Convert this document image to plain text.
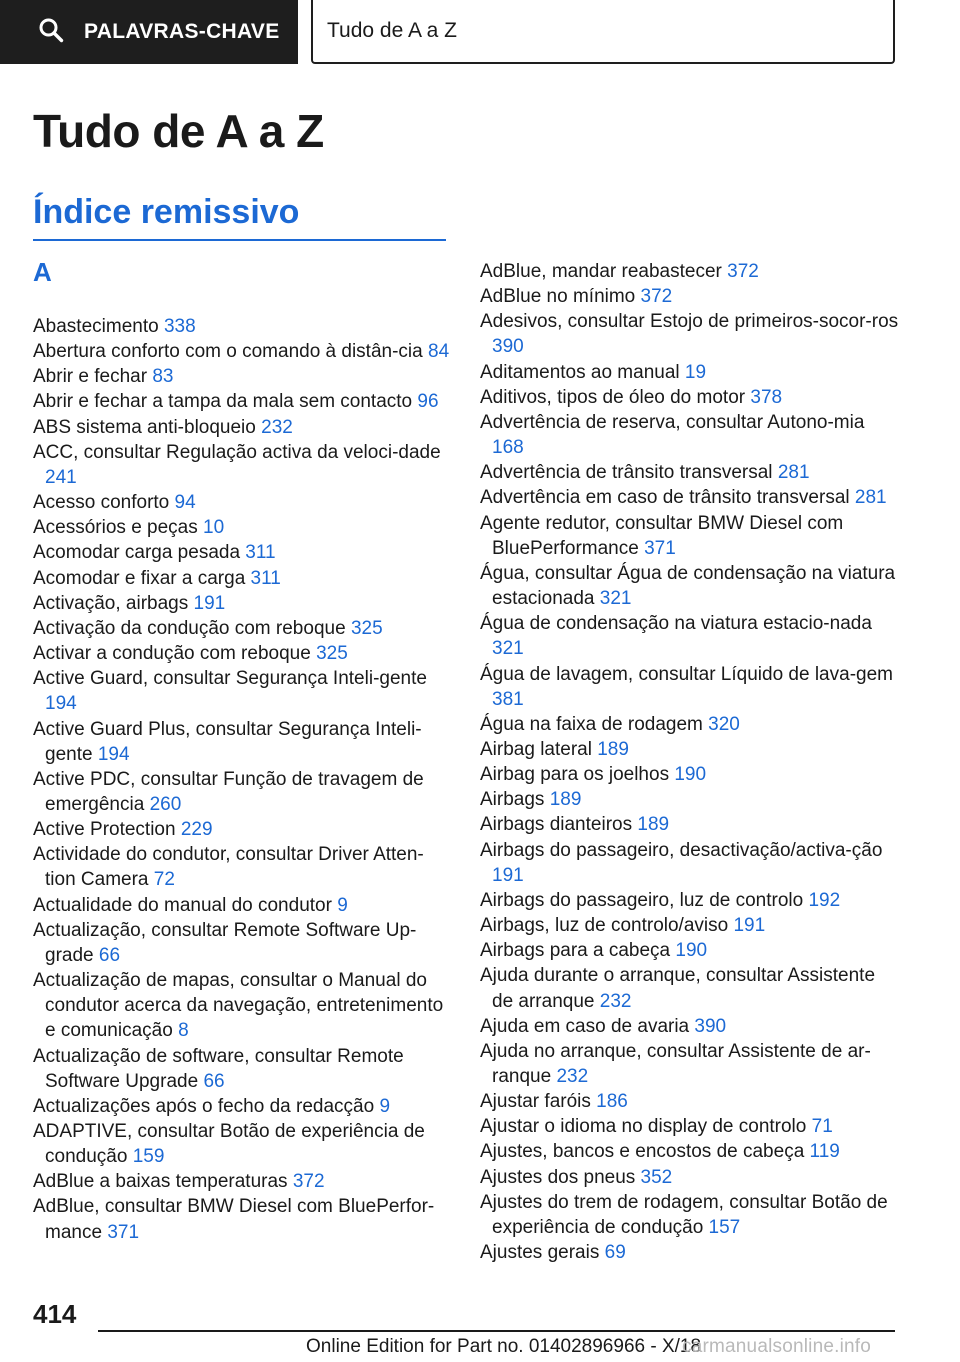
PALAVRAS-CHAVE Tudo de A a Z
Tudo de A a Z
Índice remissivo
A
Abastecimento 338
Abertura conforto com o comando à distân‐cia 84
Abrir e fechar 83
Abrir e fechar a tampa da mala sem contacto 96
ABS sistema anti-bloqueio 232
ACC, consultar Regulação activa da veloci‐dade 241
Acesso conforto 94
Acessórios e peças 10
Acomodar carga pesada 311
Acomodar e fixar a carga 311
Activação, airbags 191
Activação da condução com reboque 325
Activar a condução com reboque 325
Active Guard, consultar Segurança Inteli‐gente 194
Active Guard Plus, consultar Segurança Inteli‐gente 194
Active PDC, consultar Função de travagem de emergência 260
Active Protection 229
Actividade do condutor, consultar Driver Atten‐tion Camera 72
Actualidade do manual do condutor 9
Actualização, consultar Remote Software Up‐grade 66
Actualização de mapas, consultar o Manual do condutor acerca da navegação, entretenimento e comunicação 8
Actualização de software, consultar Remote Software Upgrade 66
Actualizações após o fecho da redacção 9
ADAPTIVE, consultar Botão de experiência de condução 159
AdBlue a baixas temperaturas 372
AdBlue, consultar BMW Diesel com BluePerfor‐mance 371
AdBlue, mandar reabastecer 372
AdBlue no mínimo 372
Adesivos, consultar Estojo de primeiros-socor‐ros 390
Aditamentos ao manual 19
Aditivos, tipos de óleo do motor 378
Advertência de reserva, consultar Autono‐mia 168
Advertência de trânsito transversal 281
Advertência em caso de trânsito transversal 281
Agente redutor, consultar BMW Diesel com BluePerformance 371
Água, consultar Água de condensação na viatura estacionada 321
Água de condensação na viatura estacio‐nada 321
Água de lavagem, consultar Líquido de lava‐gem 381
Água na faixa de rodagem 320
Airbag lateral 189
Airbag para os joelhos 190
Airbags 189
Airbags dianteiros 189
Airbags do passageiro, desactivação/activa‐ção 191
Airbags do passageiro, luz de controlo 192
Airbags, luz de controlo/aviso 191
Airbags para a cabeça 190
Ajuda durante o arranque, consultar Assistente de arranque 232
Ajuda em caso de avaria 390
Ajuda no arranque, consultar Assistente de ar‐ranque 232
Ajustar faróis 186
Ajustar o idioma no display de controlo 71
Ajustes, bancos e encostos de cabeça 119
Ajustes dos pneus 352
Ajustes do trem de rodagem, consultar Botão de experiência de condução 157
Ajustes gerais 69
414
Online Edition for Part no. 01402896966 - X/18
carmanualsonline.info
